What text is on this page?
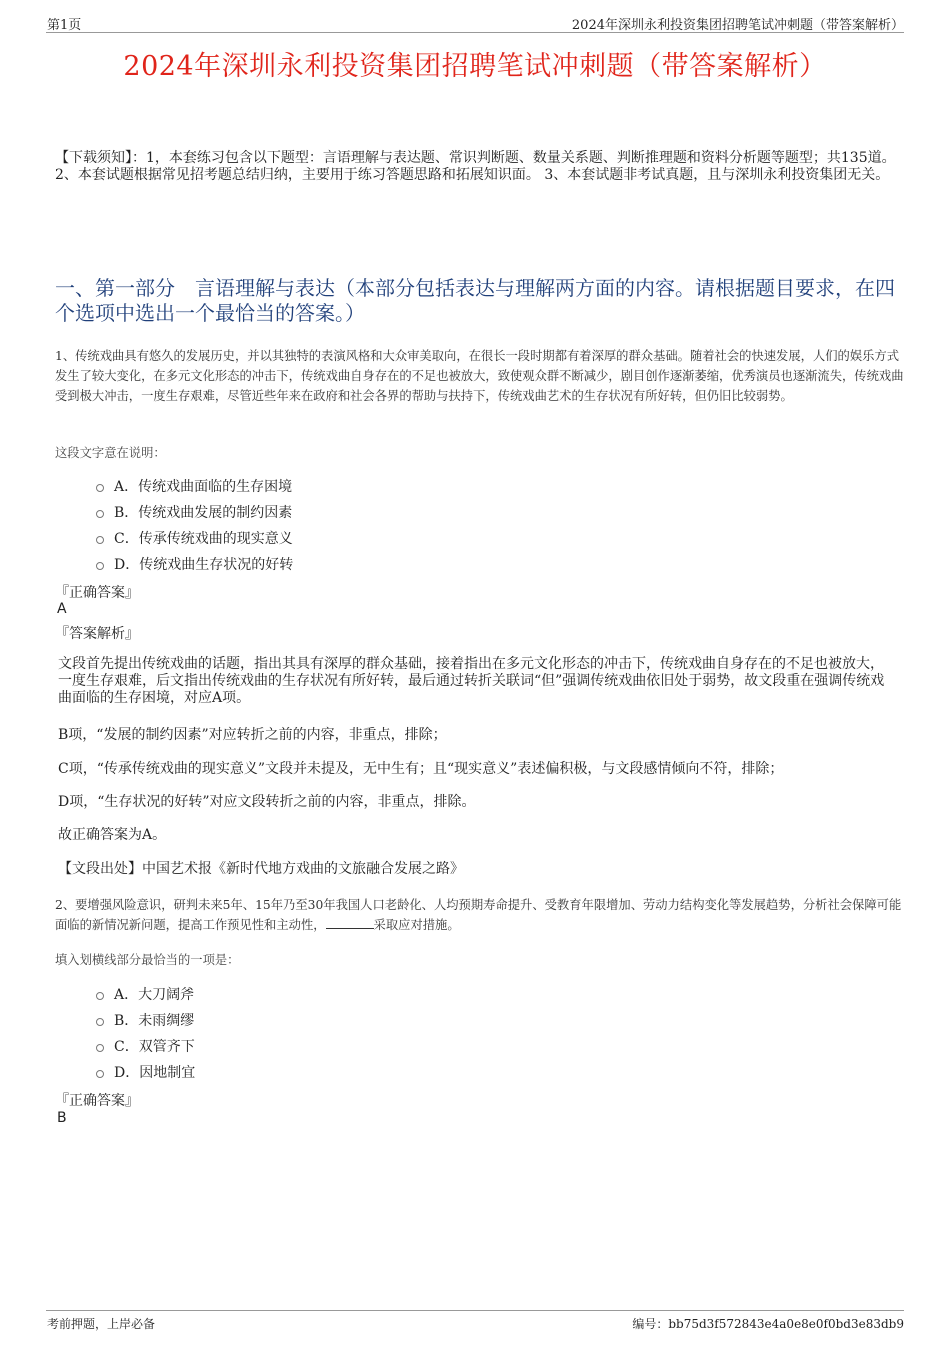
第1页	2024年深圳永利投资集团招聘笔试冲刺题（带答案解析）
2024年深圳永利投资集团招聘笔试冲刺题（带答案解析）
【下载须知】：1，本套练习包含以下题型：言语理解与表达题、常识判断题、数量关系题、判断推理题和资料分析题等题型；共135道。 2、本套试题根据常见招考题总结归纳，主要用于练习答题思路和拓展知识面。 3、本套试题非考试真题，且与深圳永利投资集团无关。
一、第一部分　言语理解与表达（本部分包括表达与理解两方面的内容。请根据题目要求，在四个选项中选出一个最恰当的答案。）
1、传统戏曲具有悠久的发展历史，并以其独特的表演风格和大众审美取向，在很长一段时期都有着深厚的群众基础。随着社会的快速发展，人们的娱乐方式发生了较大变化，在多元文化形态的冲击下，传统戏曲自身存在的不足也被放大，致使观众群不断减少，剧目创作逐渐萎缩，优秀演员也逐渐流失，传统戏曲受到极大冲击，一度生存艰难，尽管近些年来在政府和社会各界的帮助与扶持下，传统戏曲艺术的生存状况有所好转，但仍旧比较弱势。
这段文字意在说明：
A．传统戏曲面临的生存困境
B．传统戏曲发展的制约因素
C．传承传统戏曲的现实意义
D．传统戏曲生存状况的好转
『正确答案』
A
『答案解析』
文段首先提出传统戏曲的话题，指出其具有深厚的群众基础，接着指出在多元文化形态的冲击下，传统戏曲自身存在的不足也被放大，一度生存艰难，后文指出传统戏曲的生存状况有所好转，最后通过转折关联词“但”强调传统戏曲依旧处于弱势，故文段重在强调传统戏曲面临的生存困境，对应A项。
B项，“发展的制约因素”对应转折之前的内容，非重点，排除；
C项，“传承传统戏曲的现实意义”文段并未提及，无中生有；且“现实意义”表述偏积极，与文段感情倾向不符，排除；
D项，“生存状况的好转”对应文段转折之前的内容，非重点，排除。
故正确答案为A。
【文段出处】中国艺术报《新时代地方戏曲的文旅融合发展之路》
2、要增强风险意识，研判未来5年、15年乃至30年我国人口老龄化、人均预期寿命提升、受教育年限增加、劳动力结构变化等发展趋势，分析社会保障可能面临的新情况新问题，提高工作预见性和主动性，	采取应对措施。
填入划横线部分最恰当的一项是：
A．大刀阔斧
B．未雨绸缪
C．双管齐下
D．因地制宜
『正确答案』
B
考前押题，上岸必备	编号：bb75d3f572843e4a0e8e0f0bd3e83db9
